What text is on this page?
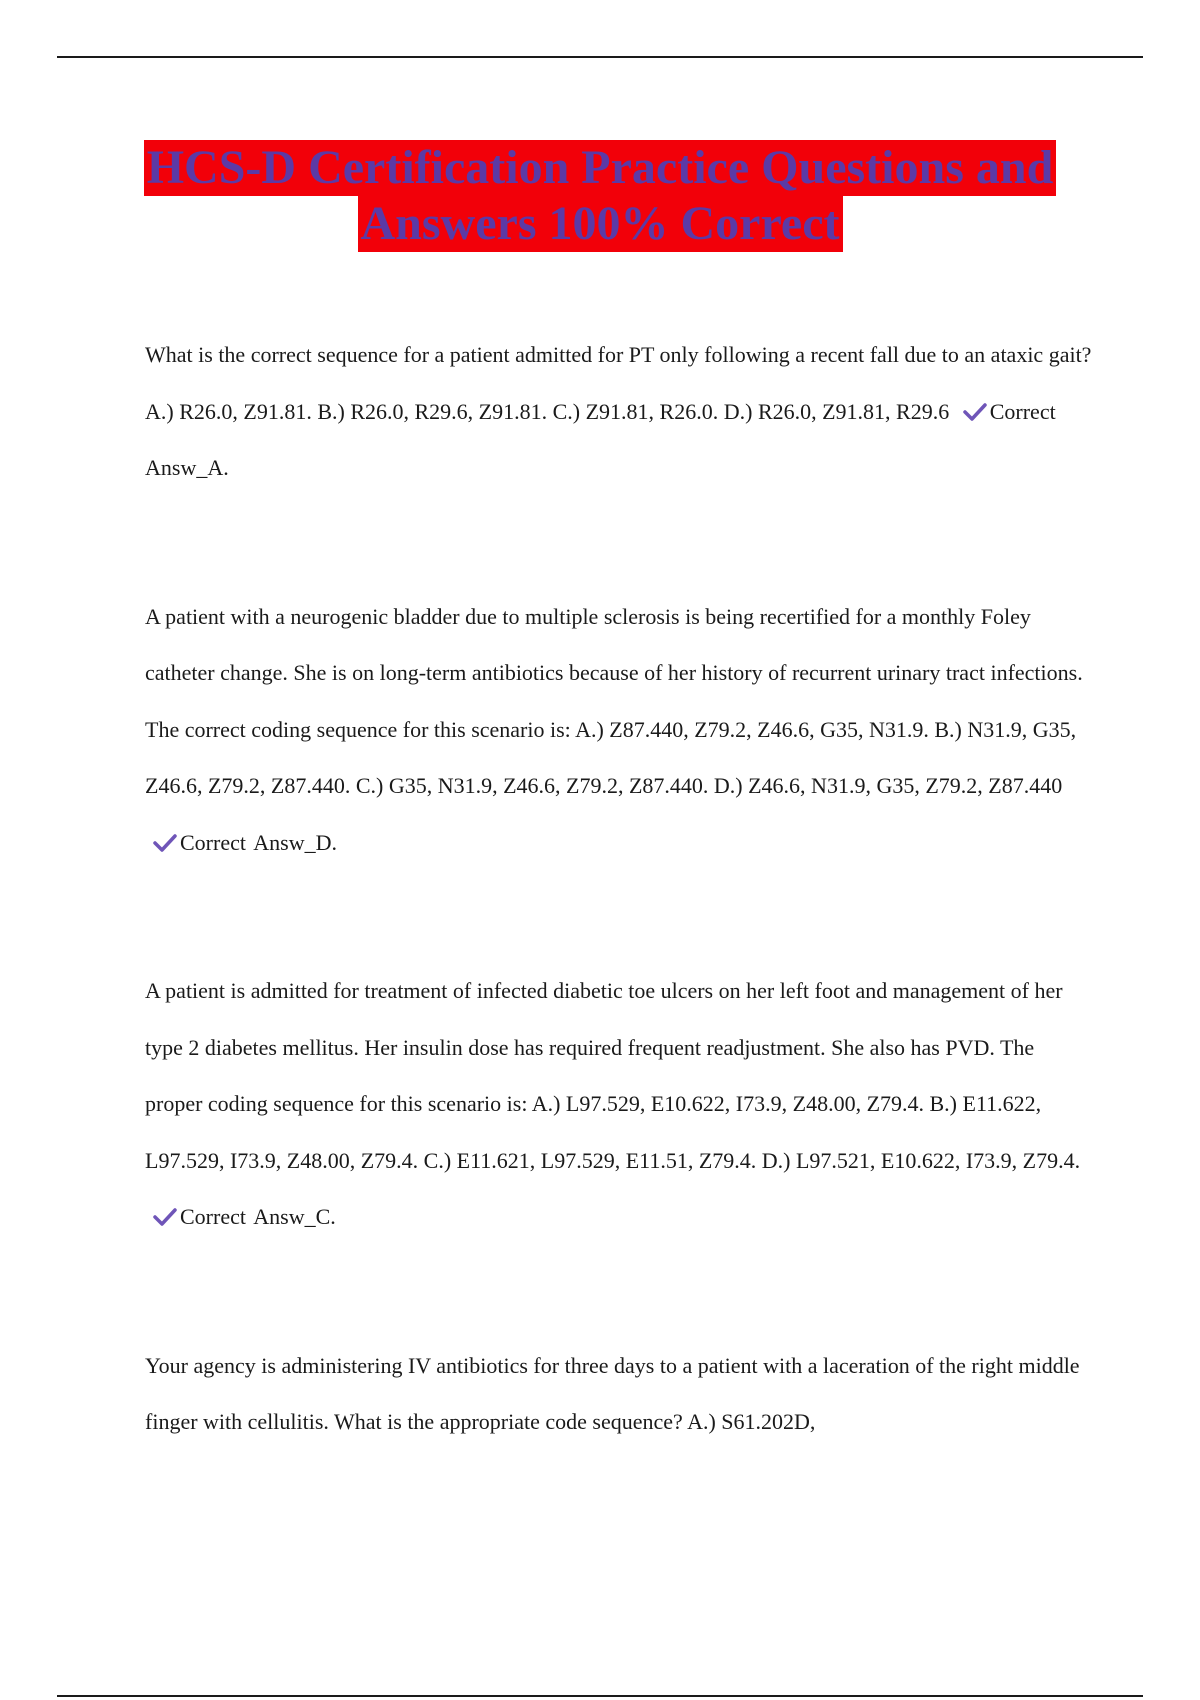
HCS-D Certification Practice Questions and
Answers 100% Correct

What is the correct sequence for a patient admitted for PT only following a recent fall due to an ataxic gait? A.) R26.0, Z91.81. B.) R26.0, R29.6, Z91.81. C.) Z91.81, R26.0. D.) R26.0, Z91.81, R29.6 Correct Answ_A.

A patient with a neurogenic bladder due to multiple sclerosis is being recertified for a monthly Foley catheter change. She is on long-term antibiotics because of her history of recurrent urinary tract infections. The correct coding sequence for this scenario is: A.) Z87.440, Z79.2, Z46.6, G35, N31.9. B.) N31.9, G35, Z46.6, Z79.2, Z87.440. C.) G35, N31.9, Z46.6, Z79.2, Z87.440. D.) Z46.6, N31.9, G35, Z79.2, Z87.440 Correct Answ_D.

A patient is admitted for treatment of infected diabetic toe ulcers on her left foot and management of her type 2 diabetes mellitus. Her insulin dose has required frequent readjustment. She also has PVD. The proper coding sequence for this scenario is: A.) L97.529, E10.622, I73.9, Z48.00, Z79.4. B.) E11.622, L97.529, I73.9, Z48.00, Z79.4. C.) E11.621, L97.529, E11.51, Z79.4. D.) L97.521, E10.622, I73.9, Z79.4. Correct Answ_C.

Your agency is administering IV antibiotics for three days to a patient with a laceration of the right middle finger with cellulitis. What is the appropriate code sequence? A.) S61.202D,
